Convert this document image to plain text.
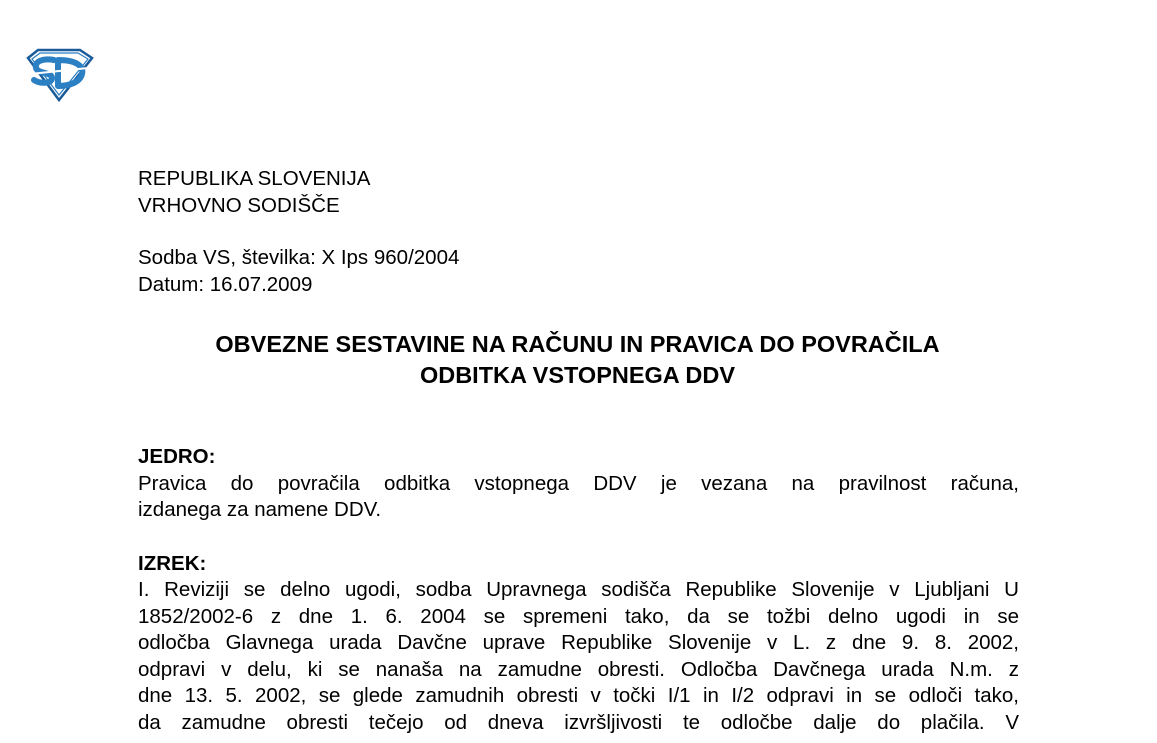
REPUBLIKA SLOVENIJA
VRHOVNO SODIŠČE
Sodba VS, številka: X Ips 960/2004
Datum: 16.07.2009
OBVEZNE SESTAVINE NA RAČUNU IN PRAVICA DO POVRAČILA
ODBITKA VSTOPNEGA DDV
JEDRO:
Pravica do povračila odbitka vstopnega DDV je vezana na pravilnost računa,
izdanega za namene DDV.
IZREK:
I. Reviziji se delno ugodi, sodba Upravnega sodišča Republike Slovenije v Ljubljani U
1852/2002-6 z dne 1. 6. 2004 se spremeni tako, da se tožbi delno ugodi in se
odločba Glavnega urada Davčne uprave Republike Slovenije v L. z dne 9. 8. 2002,
odpravi v delu, ki se nanaša na zamudne obresti. Odločba Davčnega urada N.m. z
dne 13. 5. 2002, se glede zamudnih obresti v točki I/1 in I/2 odpravi in se odloči tako,
da zamudne obresti tečejo od dneva izvršljivosti te odločbe dalje do plačila. V
